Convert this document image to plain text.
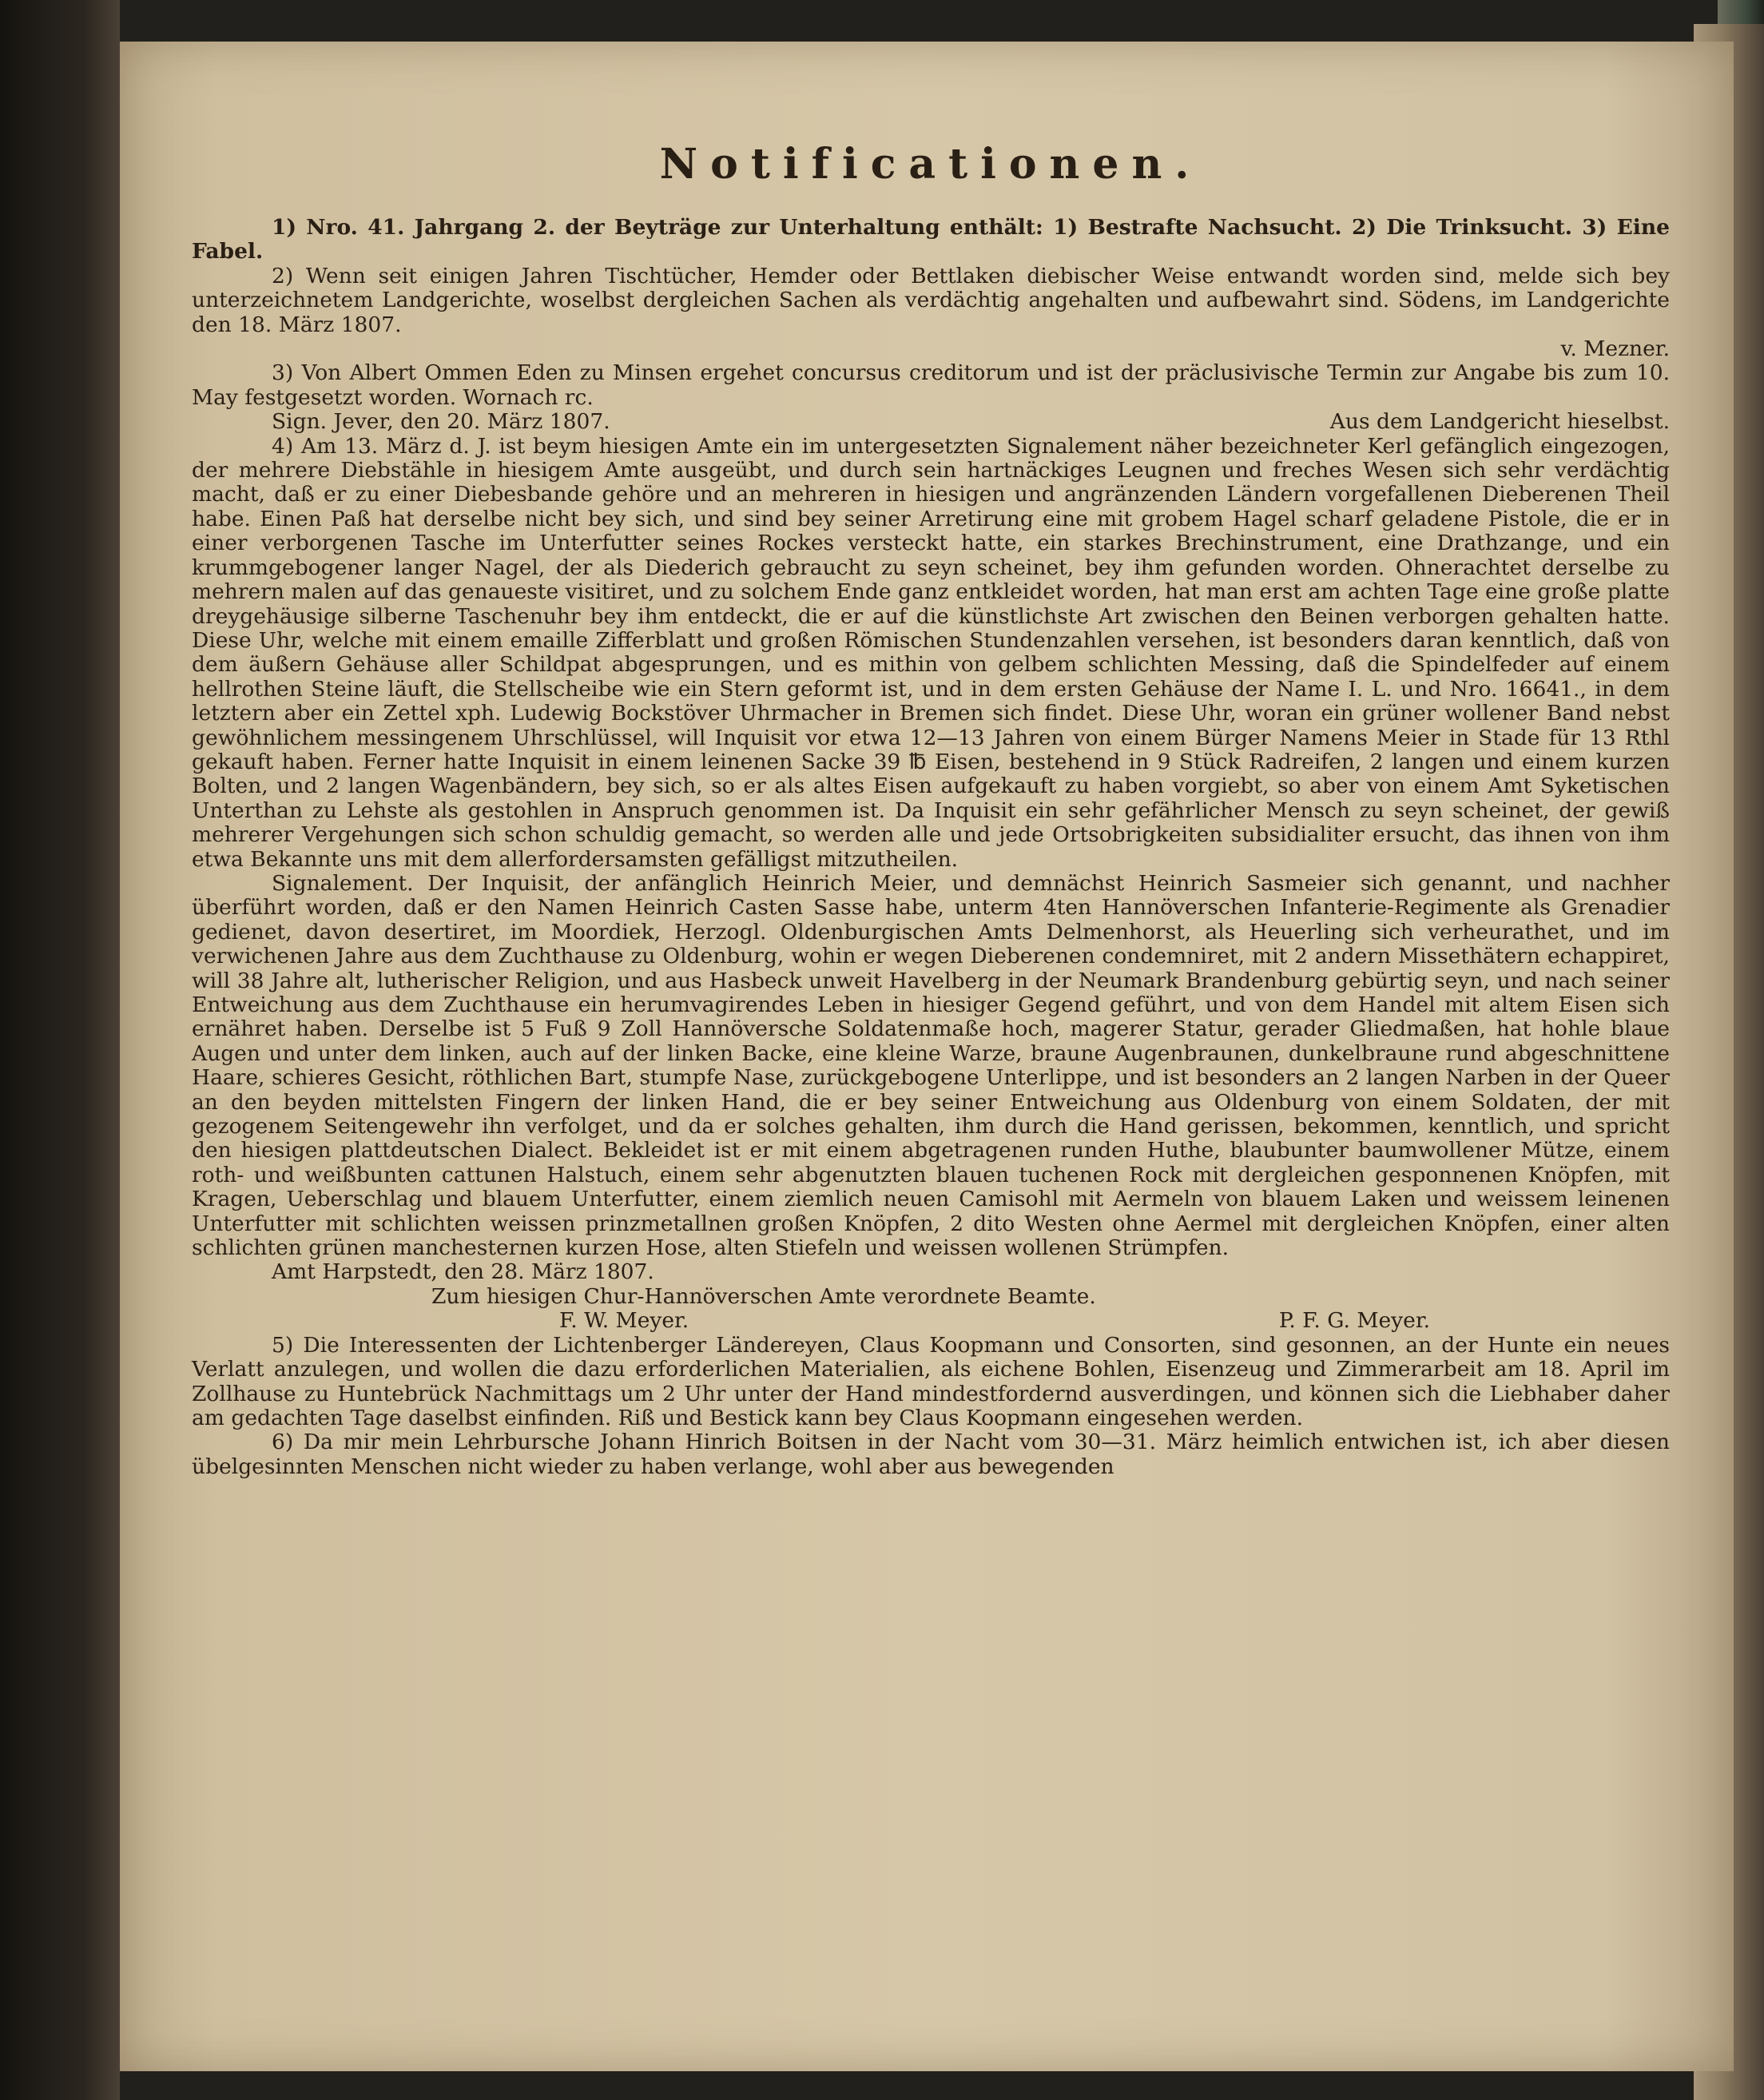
Notificationen.

1) Nro. 41. Jahrgang 2. der Beyträge zur Unterhaltung enthält: 1) Bestrafte Nachsucht. 2) Die Trinksucht. 3) Eine Fabel.

2) Wenn seit einigen Jahren Tischtücher, Hemder oder Bettlaken diebischer Weise entwandt worden sind, melde sich bey unterzeichnetem Landgerichte, woselbst dergleichen Sachen als verdächtig angehalten und aufbewahrt sind. Södens, im Landgerichte den 18. März 1807.

v. Mezner.

3) Von Albert Ommen Eden zu Minsen ergehet concursus creditorum und ist der präclusivische Termin zur Angabe bis zum 10. May festgesetzt worden. Wornach rc.

Sign. Jever, den 20. März 1807.	Aus dem Landgericht hieselbst.

4) Am 13. März d. J. ist beym hiesigen Amte ein im untergesetzten Signalement näher bezeichneter Kerl gefänglich eingezogen, der mehrere Diebstähle in hiesigem Amte ausgeübt, und durch sein hartnäckiges Leugnen und freches Wesen sich sehr verdächtig macht, daß er zu einer Diebesbande gehöre und an mehreren in hiesigen und angränzenden Ländern vorgefallenen Dieberenen Theil habe. Einen Paß hat derselbe nicht bey sich, und sind bey seiner Arretirung eine mit grobem Hagel scharf geladene Pistole, die er in einer verborgenen Tasche im Unterfutter seines Rockes versteckt hatte, ein starkes Brechinstrument, eine Drathzange, und ein krummgebogener langer Nagel, der als Diederich gebraucht zu seyn scheinet, bey ihm gefunden worden. Ohnerachtet derselbe zu mehrern malen auf das genaueste visitiret, und zu solchem Ende ganz entkleidet worden, hat man erst am achten Tage eine große platte dreygehäusige silberne Taschenuhr bey ihm entdeckt, die er auf die künstlichste Art zwischen den Beinen verborgen gehalten hatte. Diese Uhr, welche mit einem emaille Zifferblatt und großen Römischen Stundenzahlen versehen, ist besonders daran kenntlich, daß von dem äußern Gehäuse aller Schildpat abgesprungen, und es mithin von gelbem schlichten Messing, daß die Spindelfeder auf einem hellrothen Steine läuft, die Stellscheibe wie ein Stern geformt ist, und in dem ersten Gehäuse der Name I. L. und Nro. 16641., in dem letztern aber ein Zettel xph. Ludewig Bockstöver Uhrmacher in Bremen sich findet. Diese Uhr, woran ein grüner wollener Band nebst gewöhnlichem messingenem Uhrschlüssel, will Inquisit vor etwa 12—13 Jahren von einem Bürger Namens Meier in Stade für 13 Rthl gekauft haben. Ferner hatte Inquisit in einem leinenen Sacke 39 ℔ Eisen, bestehend in 9 Stück Radreifen, 2 langen und einem kurzen Bolten, und 2 langen Wagenbändern, bey sich, so er als altes Eisen aufgekauft zu haben vorgiebt, so aber von einem Amt Syketischen Unterthan zu Lehste als gestohlen in Anspruch genommen ist. Da Inquisit ein sehr gefährlicher Mensch zu seyn scheinet, der gewiß mehrerer Vergehungen sich schon schuldig gemacht, so werden alle und jede Ortsobrigkeiten subsidialiter ersucht, das ihnen von ihm etwa Bekannte uns mit dem allerfordersamsten gefälligst mitzutheilen.

Signalement. Der Inquisit, der anfänglich Heinrich Meier, und demnächst Heinrich Sasmeier sich genannt, und nachher überführt worden, daß er den Namen Heinrich Casten Sasse habe, unterm 4ten Hannöverschen Infanterie-Regimente als Grenadier gedienet, davon desertiret, im Moordiek, Herzogl. Oldenburgischen Amts Delmenhorst, als Heuerling sich verheurathet, und im verwichenen Jahre aus dem Zuchthause zu Oldenburg, wohin er wegen Dieberenen condemniret, mit 2 andern Missethätern echappiret, will 38 Jahre alt, lutherischer Religion, und aus Hasbeck unweit Havelberg in der Neumark Brandenburg gebürtig seyn, und nach seiner Entweichung aus dem Zuchthause ein herumvagirendes Leben in hiesiger Gegend geführt, und von dem Handel mit altem Eisen sich ernähret haben. Derselbe ist 5 Fuß 9 Zoll Hannöversche Soldatenmaße hoch, magerer Statur, gerader Gliedmaßen, hat hohle blaue Augen und unter dem linken, auch auf der linken Backe, eine kleine Warze, braune Augenbraunen, dunkelbraune rund abgeschnittene Haare, schieres Gesicht, röthlichen Bart, stumpfe Nase, zurückgebogene Unterlippe, und ist besonders an 2 langen Narben in der Queer an den beyden mittelsten Fingern der linken Hand, die er bey seiner Entweichung aus Oldenburg von einem Soldaten, der mit gezogenem Seitengewehr ihn verfolget, und da er solches gehalten, ihm durch die Hand gerissen, bekommen, kenntlich, und spricht den hiesigen plattdeutschen Dialect. Bekleidet ist er mit einem abgetragenen runden Huthe, blaubunter baumwollener Mütze, einem roth- und weißbunten cattunen Halstuch, einem sehr abgenutzten blauen tuchenen Rock mit dergleichen gesponnenen Knöpfen, mit Kragen, Ueberschlag und blauem Unterfutter, einem ziemlich neuen Camisohl mit Aermeln von blauem Laken und weissem leinenen Unterfutter mit schlichten weissen prinzmetallnen großen Knöpfen, 2 dito Westen ohne Aermel mit dergleichen Knöpfen, einer alten schlichten grünen manchesternen kurzen Hose, alten Stiefeln und weissen wollenen Strümpfen.

Amt Harpstedt, den 28. März 1807.

Zum hiesigen Chur-Hannöverschen Amte verordnete Beamte.

F. W. Meyer.	P. F. G. Meyer.

5) Die Interessenten der Lichtenberger Ländereyen, Claus Koopmann und Consorten, sind gesonnen, an der Hunte ein neues Verlatt anzulegen, und wollen die dazu erforderlichen Materialien, als eichene Bohlen, Eisenzeug und Zimmerarbeit am 18. April im Zollhause zu Huntebrück Nachmittags um 2 Uhr unter der Hand mindestfordernd ausverdingen, und können sich die Liebhaber daher am gedachten Tage daselbst einfinden. Riß und Bestick kann bey Claus Koopmann eingesehen werden.

6) Da mir mein Lehrbursche Johann Hinrich Boitsen in der Nacht vom 30—31. März heimlich entwichen ist, ich aber diesen übelgesinnten Menschen nicht wieder zu haben verlange, wohl aber aus bewegenden
